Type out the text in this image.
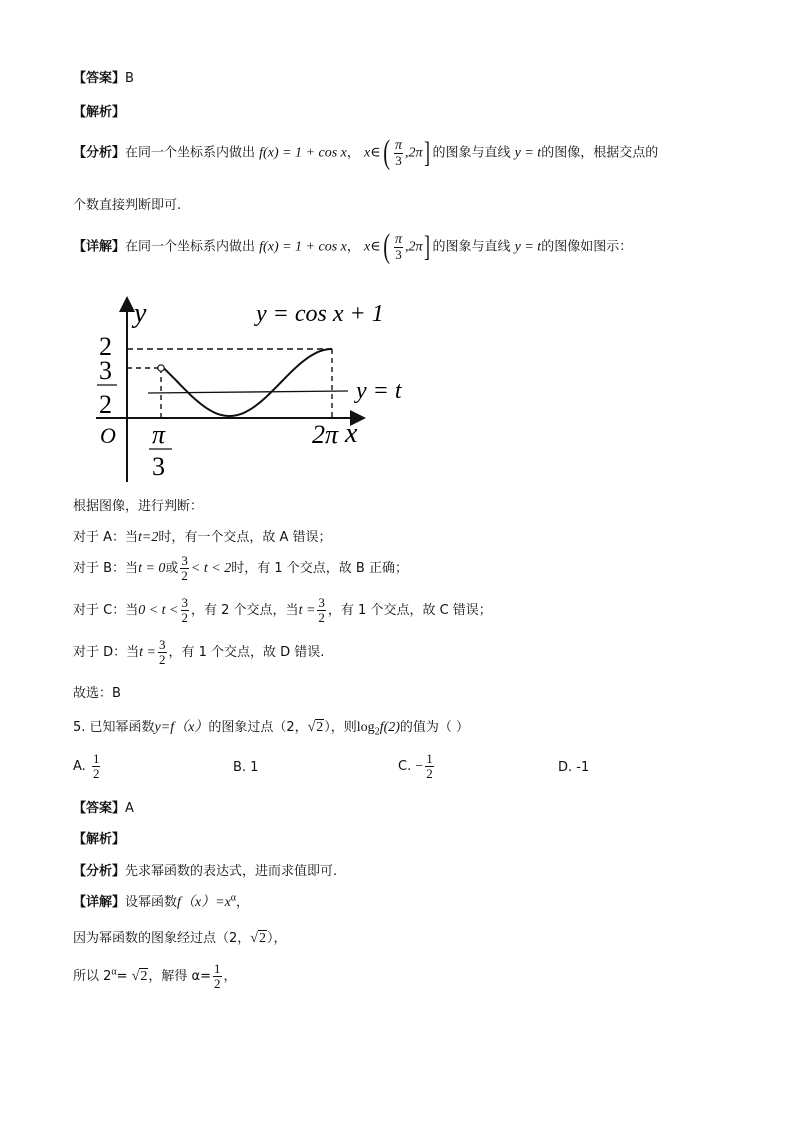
【答案】B
【解析】
【分析】在同一个坐标系内做出 f(x) = 1 + cos x， x∈( $\frac{\pi}{3} ,2\pi$] 的图象与直线 y = t的图像，根据交点的
个数直接判断即可.
【详解】在同一个坐标系内做出 f(x) = 1 + cos x， x∈( $\frac{\pi}{3} ,2\pi$] 的图象与直线 y = t的图像如图示：
y	y = cos x + 1
y = t
2
3
2
O π
3
2π x
根据图像，进行判断：
对于 A：当t=2时，有一个交点，故 A 错误；
对于 B：当t = 0或 $\frac{3}{2} < t < 2$时，有 1 个交点，故 B 正确；
对于 C：当$0 < t < \frac{3}{2}$ ，有 2 个交点，当$t = \frac{3}{2}$ ，有 1 个交点，故 C 错误；
对于 D：当$t = \frac{3}{2}$ ，有 1 个交点，故 D 错误.
故选：B
5. 已知幂函数y=f（x）的图象过点（2，√2），则$\log_2f(2)$的值为（ ）
A. $\frac{1}{2}$	B. 1	C. − $\frac{1}{2}$	D. -1
【答案】A
【解析】
【分析】先求幂函数的表达式，进而求值即可.
【详解】设幂函数$f(x)=x^\alpha$，
因为幂函数的图象经过点（2，√2），
所以 $2^\alpha= √2$，解得 $\alpha= \frac{1}{2}$ ，
